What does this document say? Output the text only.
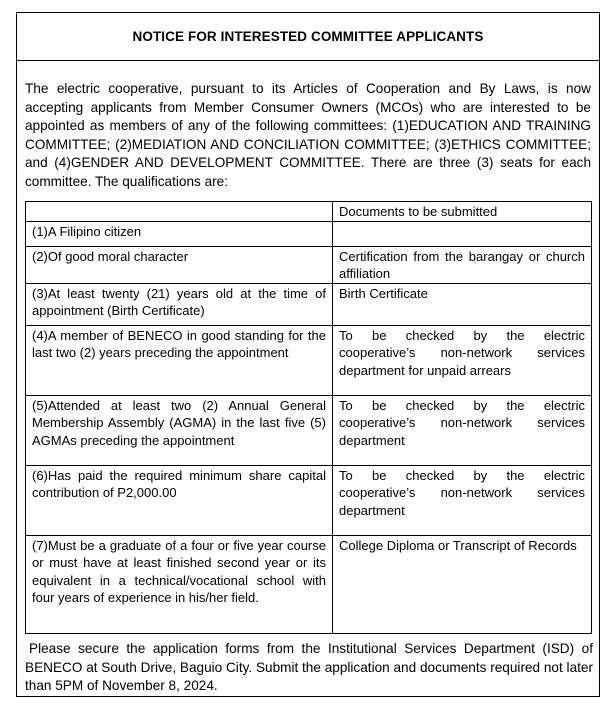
NOTICE FOR INTERESTED COMMITTEE APPLICANTS

The electric cooperative, pursuant to its Articles of Cooperation and By Laws, is now accepting applicants from Member Consumer Owners (MCOs) who are interested to be appointed as members of any of the following committees: (1)EDUCATION AND TRAINING COMMITTEE; (2)MEDIATION AND CONCILIATION COMMITTEE; (3)ETHICS COMMITTEE; and (4)GENDER AND DEVELOPMENT COMMITTEE. There are three (3) seats for each committee. The qualifications are:

	Documents to be submitted
(1)A Filipino citizen	
(2)Of good moral character	Certification from the barangay or church affiliation
(3)At least twenty (21) years old at the time of appointment (Birth Certificate)	Birth Certificate
(4)A member of BENECO in good standing for the last two (2) years preceding the appointment	To be checked by the electric cooperative’s non-network services department for unpaid arrears
(5)Attended at least two (2) Annual General Membership Assembly (AGMA) in the last five (5) AGMAs preceding the appointment	To be checked by the electric cooperative’s non-network services department
(6)Has paid the required minimum share capital contribution of P2,000.00	To be checked by the electric cooperative’s non-network services department
(7)Must be a graduate of a four or five year course or must have at least finished second year or its equivalent in a technical/vocational school with four years of experience in his/her field.	College Diploma or Transcript of Records

Please secure the application forms from the Institutional Services Department (ISD) of BENECO at South Drive, Baguio City. Submit the application and documents required not later than 5PM of November 8, 2024.
